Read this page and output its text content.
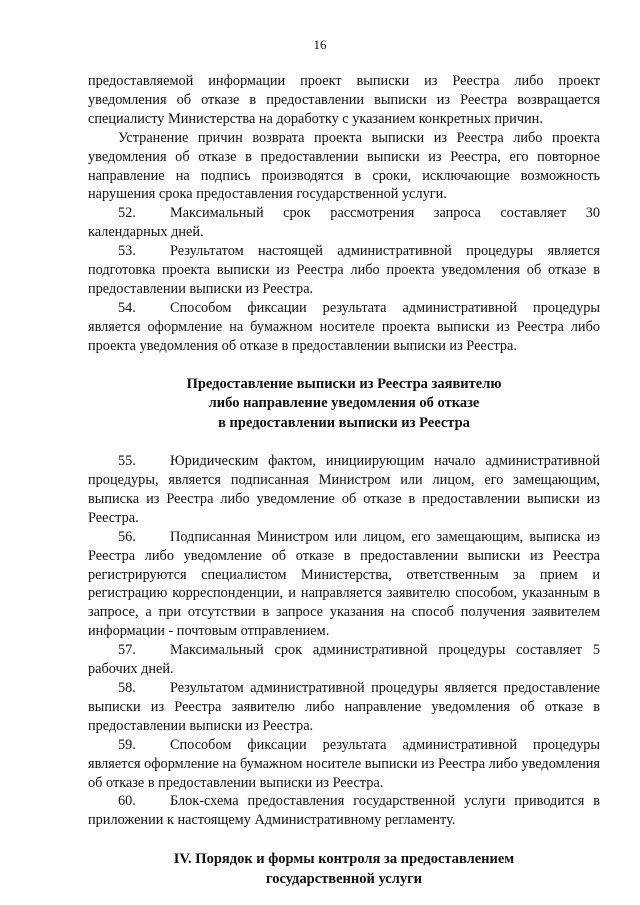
16

предоставляемой информации проект выписки из Реестра либо проект уведомления об отказе в предоставлении выписки из Реестра возвращается специалисту Министерства на доработку с указанием конкретных причин.

Устранение причин возврата проекта выписки из Реестра либо проекта уведомления об отказе в предоставлении выписки из Реестра, его повторное направление на подпись производятся в сроки, исключающие возможность нарушения срока предоставления государственной услуги.

52. Максимальный срок рассмотрения запроса составляет 30 календарных дней.

53. Результатом настоящей административной процедуры является подготовка проекта выписки из Реестра либо проекта уведомления об отказе в предоставлении выписки из Реестра.

54. Способом фиксации результата административной процедуры является оформление на бумажном носителе проекта выписки из Реестра либо проекта уведомления об отказе в предоставлении выписки из Реестра.

Предоставление выписки из Реестра заявителю

либо направление уведомления об отказе

в предоставлении выписки из Реестра

55. Юридическим фактом, инициирующим начало административной процедуры, является подписанная Министром или лицом, его замещающим, выписка из Реестра либо уведомление об отказе в предоставлении выписки из Реестра.

56. Подписанная Министром или лицом, его замещающим, выписка из Реестра либо уведомление об отказе в предоставлении выписки из Реестра регистрируются специалистом Министерства, ответственным за прием и регистрацию корреспонденции, и направляется заявителю способом, указанным в запросе, а при отсутствии в запросе указания на способ получения заявителем информации - почтовым отправлением.

57. Максимальный срок административной процедуры составляет 5 рабочих дней.

58. Результатом административной процедуры является предоставление выписки из Реестра заявителю либо направление уведомления об отказе в предоставлении выписки из Реестра.

59. Способом фиксации результата административной процедуры является оформление на бумажном носителе выписки из Реестра либо уведомления об отказе в предоставлении выписки из Реестра.

60. Блок-схема предоставления государственной услуги приводится в приложении к настоящему Административному регламенту.

IV. Порядок и формы контроля за предоставлением

государственной услуги
